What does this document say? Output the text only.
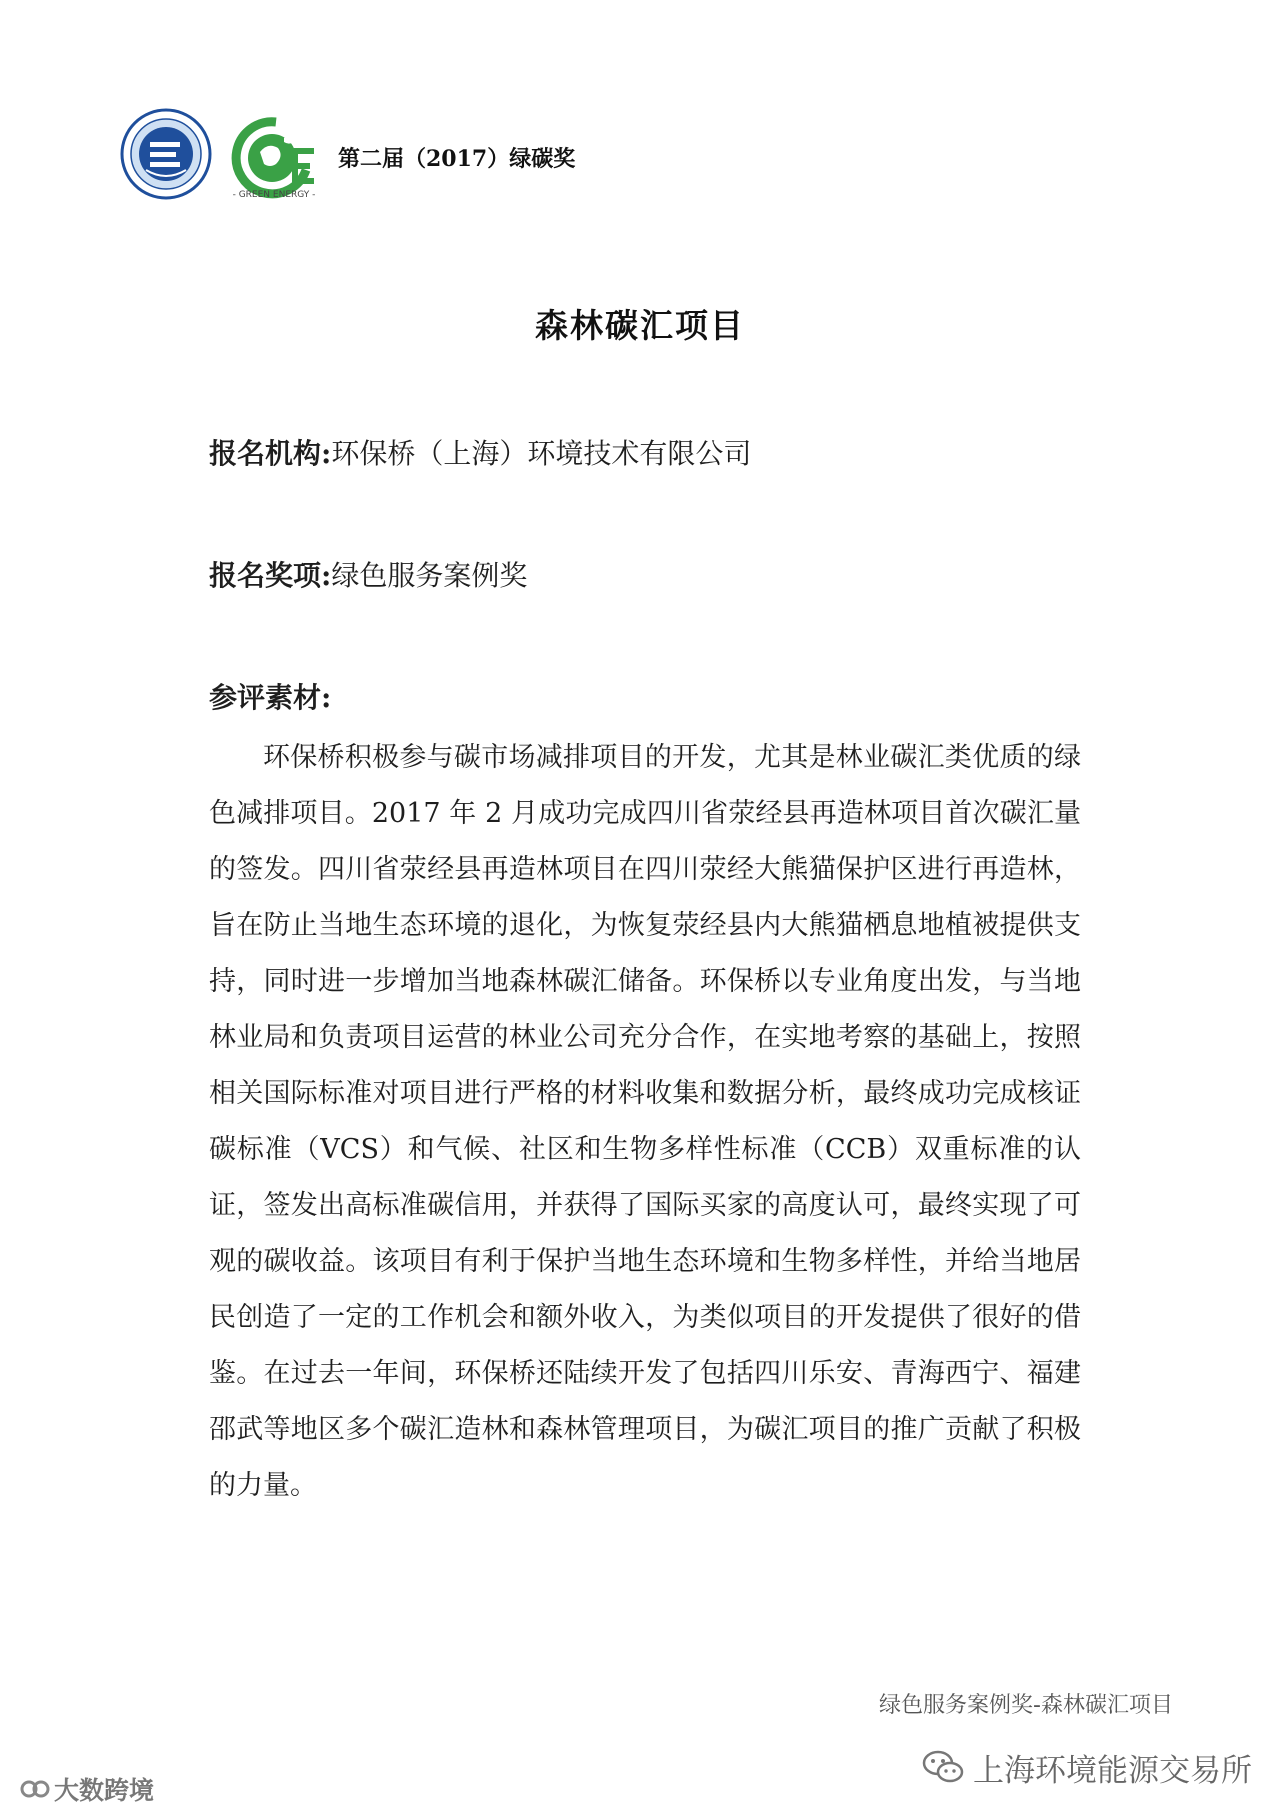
- GREEN ENERGY -
第二届（2017）绿碳奖
森林碳汇项目
报名机构:环保桥（上海）环境技术有限公司
报名奖项:绿色服务案例奖
参评素材:

环保桥积极参与碳市场减排项目的开发，尤其是林业碳汇类优质的绿色减排项目。2017 年 2 月成功完成四川省荥经县再造林项目首次碳汇量的签发。四川省荥经县再造林项目在四川荥经大熊猫保护区进行再造林，旨在防止当地生态环境的退化，为恢复荥经县内大熊猫栖息地植被提供支持，同时进一步增加当地森林碳汇储备。环保桥以专业角度出发，与当地林业局和负责项目运营的林业公司充分合作，在实地考察的基础上，按照相关国际标准对项目进行严格的材料收集和数据分析，最终成功完成核证碳标准（VCS）和气候、社区和生物多样性标准（CCB）双重标准的认证，签发出高标准碳信用，并获得了国际买家的高度认可，最终实现了可观的碳收益。该项目有利于保护当地生态环境和生物多样性，并给当地居民创造了一定的工作机会和额外收入，为类似项目的开发提供了很好的借鉴。在过去一年间，环保桥还陆续开发了包括四川乐安、青海西宁、福建邵武等地区多个碳汇造林和森林管理项目，为碳汇项目的推广贡献了积极的力量。

绿色服务案例奖-森林碳汇项目
上海环境能源交易所
大数跨境
